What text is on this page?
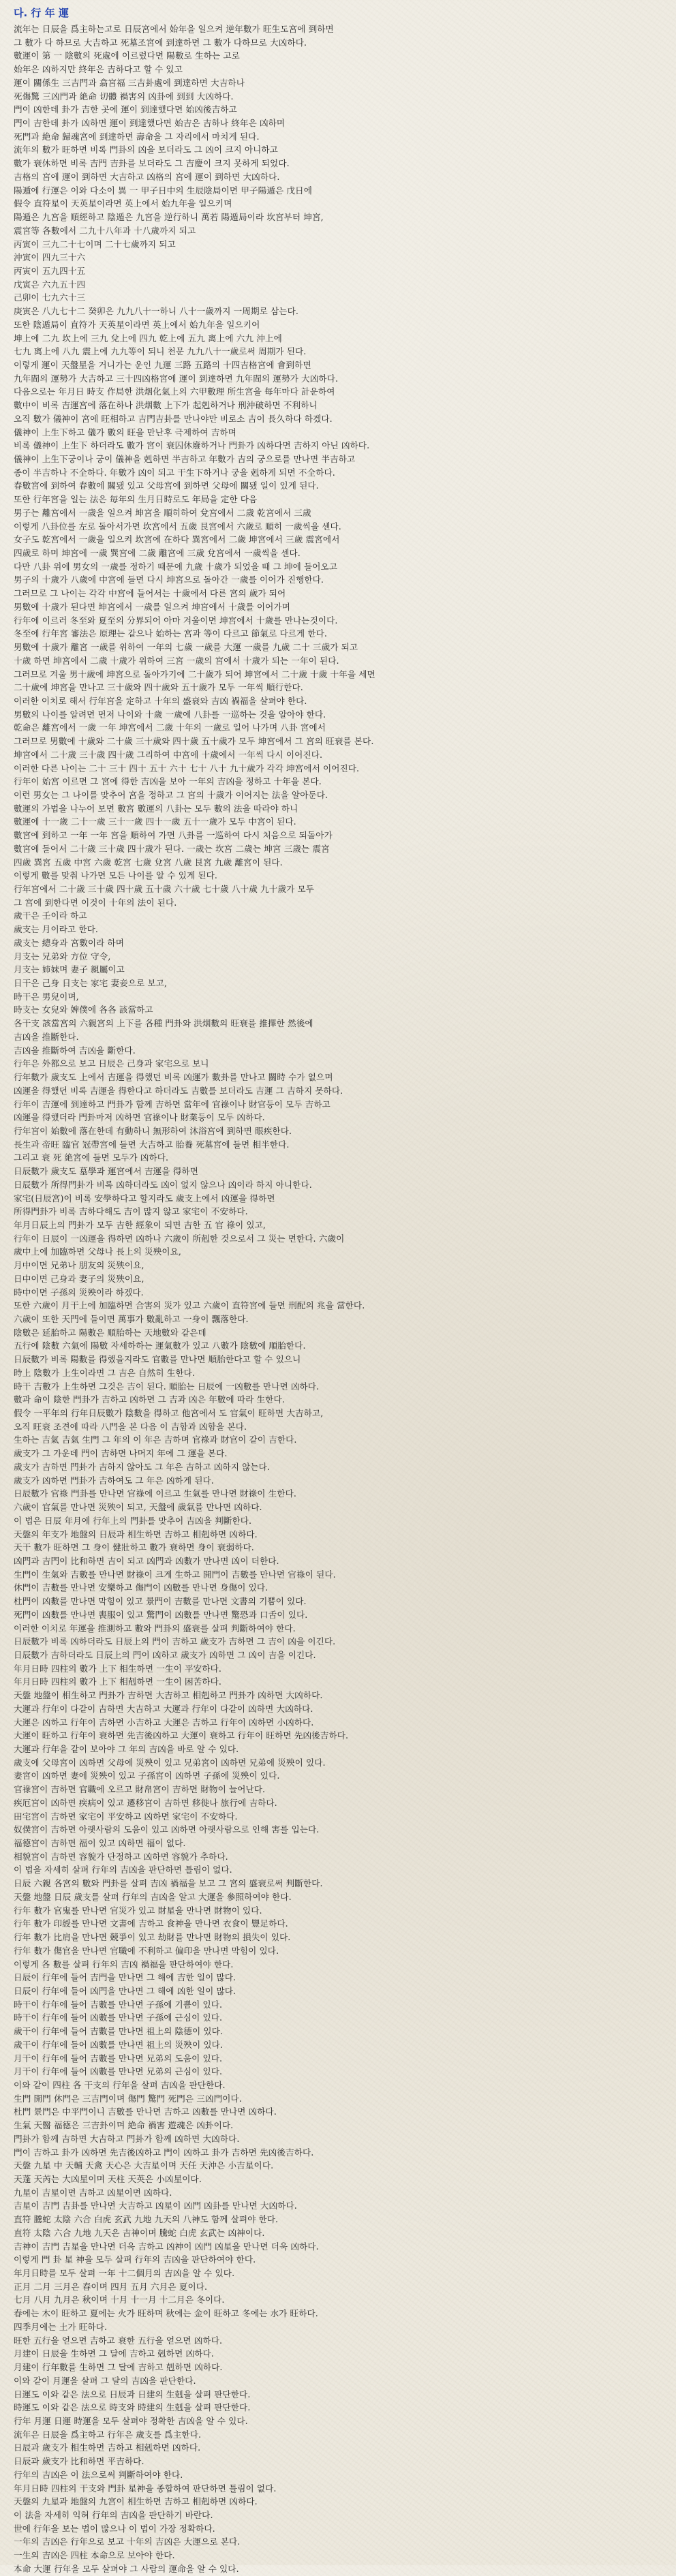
다. 行 年 運
流年는 日辰을 爲主하는고로 日辰宮에서 始年을 일으켜 逆年數가 旺生도宮에 到하면
그 數가 다 하므로 大吉하고 死墓조宮에 到達하면 그 數가 다하므로 大凶하다.
數運이 第 一 陰數의 死處에 이르렀다면 陽數로 生하는 고로
始年은 凶하지만 終年은 吉하다고 할 수 있고
運이 關係生 三吉門과 翕宮福 三吉卦處에 到達하면 大吉하나
死傷驚 三凶門과 絶命 切體 禍害의 凶卦에 到到 大凶하다.
門이 凶한데 卦가 吉한 곳에 運이 到達했다면 始凶後吉하고
門이 吉한데 卦가 凶하면 運이 到達했다면 始吉은 吉하나 終年은 凶하며
死門과 絶命 歸魂宮에 到達하면 壽命을 그 자리에서 마치게 된다.
流年의 數가 旺하면 비록 門卦의 凶을 보더라도 그 凶이 크지 아니하고
數가 衰休하면 비록 吉門 吉卦를 보더라도 그 吉慶이 크지 못하게 되었다.
吉格의 宮에 運이 到하면 大吉하고 凶格의 宮에 運이 到하면 大凶하다.
陽遁에 行運은 이와 다소이 異 一 甲子日中의 生辰陰局이면 甲子陽遁은 戊日에
假令 直符星이 天英星이라면 英上에서 始九年을 일으키며
陽遁은 九宮을 順經하고 陰遁은 九宮을 逆行하니 萬若 陽遁局이라 坎宮부터 坤宮,
震宮等 各數에서 二九十八年과 十八歲까지 되고
丙寅이 三九二十七이며 二十七歲까지 되고
沖寅이 四九三十六
丙寅이 五九四十五
戊寅은 六九五十四
己卯이 七九六十三
庚寅은 八九七十二 癸卯은 九九八十一하니 八十一歲까지 一周期로 삼는다.
또한 陰遁局이 直符가 天英星이라면 英上에서 始九年을 일으키어
坤上에 二九 坎上에 三九 兌上에 四九 乾上에 五九 离上에 六九 沖上에
七九 离上에 八九 震上에 九九等이 되니 천문 九九八十一歲로써 周期가 된다.
이렇게 運이 天盤星을 거니가는 운인 九運 三路 五路의 十四吉格宮에 會到하면
九年間의 運勢가 大吉하고 三十四凶格宮에 運이 到達하면 九年間의 運勢가 大凶하다.
다음으로는 年月日 時支 作局한 洪烟化氣上의 六甲數理 所生宮을 每年마다 計운하여
數中이 비록 吉運宮에 落在하나 洪烟數 上下가 起剋하거나 刑沖破하면 不利하니
오직 數가 儀神이 宮에 旺相하고 吉門吉卦를 만나야만 비로소 吉이 長久하다 하겠다.
儀神이 上生下하고 儀가 數의 旺을 만난후 극제하여 吉하며
비록 儀神이 上生下 하더라도 數가 宮이 衰囚休廢하거나 門卦가 凶하다면 吉하지 아닌 凶하다.
儀神이 上生下궁이나 궁이 儀神을 剋하면 半吉하고 年數가 吉의 궁으로를 만나면 半吉하고
종이 半吉하나 不全하다. 年數가 凶이 되고 干生下하거나 궁을 剋하게 되면 不全하다.
春數宮에 到하여 春數에 關됐 있고 父母宮에 到하면 父母에 關됐 일이 있게 된다.
또한 行年宮을 일는 法은 毎年의 生月日時로도 年局을 定한 다음
男子는 離宮에서 一歲을 일으켜 坤宮을 順히하여 兌宮에서 二歲 乾宮에서 三歲
이렇게 八卦位를 左로 돌아서가면 坎宮에서 五歲 艮宮에서 六歲로 順히 一歲씩을 센다.
女子도 乾宮에서 一歲을 일으켜 坎宮에 在하다 巽宮에서 二歲 坤宮에서 三歲 震宮에서
四歲로 하며 坤宮에 一歲 巽宮에 二歲 離宮에 三歲 兌宮에서 一歲씩을 센다.
다만 八卦 위에 男女의 一歲를 정하기 때문에 九歲 十歲가 되었을 때 그 坤에 들어오고
男子의 十歲가 八歲에 中宮에 들면 다시 坤宮으로 돌아간 一歲를 이어가 진행한다.
그러므로 그 나이는 각각 中宮에 들어서는 十歲에서 다른 宮의 歲가 되어
男數에 十歲가 된다면 坤宮에서 一歲를 일으켜 坤宮에서 十歲를 이어가며
行年에 이르러 冬至와 夏至의 分界되어 아마 겨울이면 坤宮에서 十歲를 만나는것이다.
冬至에 行年宮 審法은 原理는 같으나 始하는 宮과 等이 다르고 節氣로 다르게 한다.
男數에 十歲가 離宮 一歲를 위하여 一年의 七歲 一歲를 大運 一歲를 九歲 二十 三歲가 되고
十歲 하면 坤宮에서 二歲 十歲가 위하여 三宮 一歲의 宮에서 十歲가 되는 一年이 된다.
그러므로 겨울 男十歲에 坤宮으로 돌아가기에 二十歲가 되어 坤宮에서 二十歲 十歲 十年을 세면
二十歲에 坤宮을 만나고 三十歲와 四十歲와 五十歲가 모두 一年씩 順行한다.
이러한 이치로 해서 行年宮을 定하고 十年의 盛衰와 吉凶 禍福을 살펴야 한다.
男數의 나이를 알려면 먼저 나이와 十歲 一歲에 八卦를 一巡하는 것을 알아야 한다.
乾命은 離宮에서 一歲 一年 坤宮에서 二歲 十年의 一歲로 일어 나가며 八卦 宮에서
그러므로 男數에 十歲와 二十歲 三十歲와 四十歲 五十歲가 모두 坤宮에서 그 宮의 旺衰를 본다.
坤宮에서 二十歲 三十歲 四十歲 그리하여 中宮에 十歲에서 一年씩 다시 이어진다.
이러한 다른 나이는 二十 三十 四十 五十 六十 七十 八十 九十歲가 각각 坤宮에서 이어진다.
行年이 始宮 이르면 그 宮에 得한 吉凶을 보아 一年의 吉凶을 정하고 十年을 본다.
이런 男女는 그 나이를 맞추어 宮을 정하고 그 宮의 十歲가 이어지는 法을 알아둔다.
數運의 가법을 나누어 보면 數宮 數運의 八卦는 모두 數의 法을 따라야 하니
數運에 十一歲 二十一歲 三十一歲 四十一歲 五十一歲가 모두 中宮이 된다.
數宮에 到하고 一年 一年 宮을 順하여 가면 八卦를 一巡하여 다시 처음으로 되돌아가
數宮에 들어서 二十歲 三十歲 四十歲가 된다. 一歲는 坎宮 二歲는 坤宮 三歲는 震宮
四歲 巽宮 五歲 中宮 六歲 乾宮 七歲 兌宮 八歲 艮宮 九歲 離宮이 된다.
이렇게 數를 맞춰 나가면 모든 나이를 알 수 있게 된다.
行年宮에서 二十歲 三十歲 四十歲 五十歲 六十歲 七十歲 八十歲 九十歲가 모두
그 宮에 到한다면 이것이 十年의 法이 된다.
歲干은 壬이라 하고
歲支는 月이라고 한다.
歲支는 總身과 宮數이라 하며
月支는 兄弟와 方位 守令,
月支는 姉妹며 妻子 親屬이고
日干은 己身 日支는 家宅 妻妾으로 보고,
時干은 男兒이며,
時支는 女兒와 婢僕에 各各 該當하고
各干支 該當宮의 六親宮의 上下를 各種 門卦와 洪烟數의 旺衰를 推擇한 然後에
吉凶을 推斷한다.
吉凶을 推斷하여 吉凶을 斷한다.
行年은 外都으로 보고 日辰은 己身과 家宅으로 보니
行年數가 歲支도 上에서 吉運을 得했던 비록 凶運가 數卦를 만나고 關時 수가 없으며
凶運을 得했던 비록 吉運을 得한다고 하더라도 吉數를 보더라도 吉運 그 吉하지 못하다.
行年이 吉運에 到達하고 門卦가 함께 吉하면 當年에 官祿이나 財官등이 모두 吉하고
凶運을 得했더라 門卦마저 凶하면 官祿이나 財業등이 모두 凶하다.
行年宮이 始數에 落在한데 有動하니 無形하여 沐浴宮에 到하면 眼疾한다.
長生과 帝旺 臨官 冠帶宮에 들면 大吉하고 胎養 死墓宮에 들면 相半한다.
그리고 衰 死 絶宮에 들면 모두가 凶하다.
日辰數가 歲支도 墓學과 運宮에서 吉運을 得하면
日辰數가 所得門卦가 비록 凶하더라도 凶이 없지 않으나 凶이라 하지 아니한다.
家宅(日辰宮)이 비록 安學하다고 할지라도 歲支上에서 凶運을 得하면
所得門卦가 비록 吉하다해도 吉이 많지 않고 家宅이 不安하다.
年月日辰上의 門卦가 모두 吉한 經象이 되면 吉한 五 官 祿이 있고,
行年이 日辰이 一凶運을 得하면 凶하나 六歲이 所剋한 것으로서 그 災는 면한다. 六歲이
歲中上에 加臨하면 父母나 長上의 災殃이요,
月中이면 兄弟나 朋友의 災殃이요,
日中이면 己身과 妻子의 災殃이요,
時中이면 子孫의 災殃이라 하겠다.
또한 六歲이 月干上에 加臨하면 合害의 災가 있고 六歲이 直符宮에 들면 刑配의 兆을 當한다.
六歲이 또한 天門에 들이면 萬事가 數亂하고 一身이 飄落한다.
陰數은 延胎하고 陽數은 順胎하는 天地數와 같은데
五行에 陰數 六氣에 陽數 자세하하는 運氣數가 있고 八數가 陰數에 順胎한다.
日辰數가 비록 陽數를 得했을지라도 官數를 만나면 順胎한다고 할 수 있으니
時上 陰數가 上生이라면 그 吉은 自然히 生한다.
時干 吉數가 上生하면 그것은 吉이 된다. 順胎는 日辰에 一凶數를 만나면 凶하다.
數과 命이 陰한 門卦가 吉하고 凶하면 그 吉과 凶은 年數에 따라 生한다.
假令 一平年의 行年日辰數가 陰數을 得하고 他宮에서 도 官氣이 旺하면 大吉하고,
오직 旺衰 조견에 따라 八門을 본 다음 이 吉함과 凶함을 본다.
生하는 吉氣 吉氣 生門 그 年의 이 年은 吉하며 官祿과 財官이 같이 吉한다.
歲支가 그 가운데 門이 吉하면 나머지 年에 그 運을 본다.
歲支가 吉하면 門卦가 吉하지 않아도 그 年은 吉하고 凶하지 않는다.
歲支가 凶하면 門卦가 吉하여도 그 年은 凶하게 된다.
日辰數가 官祿 門卦를 만나면 官祿에 이르고 生氣를 만나면 財祿이 生한다.
六歲이 官氣를 만나면 災殃이 되고, 天盤에 歲氣를 만나면 凶하다.
이 법은 日辰 年月에 行年上의 門卦를 맞추어 吉凶을 判斷한다.
天盤의 年支가 地盤의 日辰과 相生하면 吉하고 相剋하면 凶하다.
天干 數가 旺하면 그 身이 健壯하고 數가 衰하면 身이 衰弱하다.
凶門과 吉門이 比和하면 吉이 되고 凶門과 凶數가 만나면 凶이 더한다.
生門이 生氣와 吉數를 만나면 財祿이 크게 生하고 開門이 吉數를 만나면 官祿이 된다.
休門이 吉數를 만나면 安樂하고 傷門이 凶數를 만나면 身傷이 있다.
杜門이 凶數를 만나면 막힘이 있고 景門이 吉數를 만나면 文書의 기쁨이 있다.
死門이 凶數를 만나면 喪服이 있고 驚門이 凶數를 만나면 驚恐과 口舌이 있다.
이러한 이치로 年運을 推測하고 數와 門卦의 盛衰를 살펴 判斷하여야 한다.
日辰數가 비록 凶하더라도 日辰上의 門이 吉하고 歲支가 吉하면 그 吉이 凶을 이긴다.
日辰數가 吉하더라도 日辰上의 門이 凶하고 歲支가 凶하면 그 凶이 吉을 이긴다.
年月日時 四柱의 數가 上下 相生하면 一生이 平安하다.
年月日時 四柱의 數가 上下 相剋하면 一生이 困苦하다.
天盤 地盤이 相生하고 門卦가 吉하면 大吉하고 相剋하고 門卦가 凶하면 大凶하다.
大運과 行年이 다같이 吉하면 大吉하고 大運과 行年이 다같이 凶하면 大凶하다.
大運은 凶하고 行年이 吉하면 小吉하고 大運은 吉하고 行年이 凶하면 小凶하다.
大運이 旺하고 行年이 衰하면 先吉後凶하고 大運이 衰하고 行年이 旺하면 先凶後吉하다.
大運과 行年을 같이 보아야 그 年의 吉凶을 바로 알 수 있다.
歲支에 父母宮이 凶하면 父母에 災殃이 있고 兄弟宮이 凶하면 兄弟에 災殃이 있다.
妻宮이 凶하면 妻에 災殃이 있고 子孫宮이 凶하면 子孫에 災殃이 있다.
官祿宮이 吉하면 官職에 오르고 財帛宮이 吉하면 財物이 늘어난다.
疾厄宮이 凶하면 疾病이 있고 遷移宮이 吉하면 移徙나 旅行에 吉하다.
田宅宮이 吉하면 家宅이 平安하고 凶하면 家宅이 不安하다.
奴僕宮이 吉하면 아랫사람의 도움이 있고 凶하면 아랫사람으로 인해 害를 입는다.
福德宮이 吉하면 福이 있고 凶하면 福이 없다.
相貌宮이 吉하면 容貌가 단정하고 凶하면 容貌가 추하다.
이 법을 자세히 살펴 行年의 吉凶을 판단하면 틀림이 없다.
日辰 六親 各宮의 數와 門卦를 살펴 吉凶 禍福을 보고 그 宮의 盛衰로써 判斷한다.
天盤 地盤 日辰 歲支를 살펴 行年의 吉凶을 알고 大運을 參照하여야 한다.
行年 數가 官鬼를 만나면 官災가 있고 財星을 만나면 財物이 있다.
行年 數가 印綬를 만나면 文書에 吉하고 食神을 만나면 衣食이 豐足하다.
行年 數가 比肩을 만나면 競爭이 있고 劫財를 만나면 財物의 損失이 있다.
行年 數가 傷官을 만나면 官職에 不利하고 偏印을 만나면 막힘이 있다.
이렇게 各 數를 살펴 行年의 吉凶 禍福을 판단하여야 한다.
日辰이 行年에 들어 吉門을 만나면 그 해에 吉한 일이 많다.
日辰이 行年에 들어 凶門을 만나면 그 해에 凶한 일이 많다.
時干이 行年에 들어 吉數를 만나면 子孫에 기쁨이 있다.
時干이 行年에 들어 凶數를 만나면 子孫에 근심이 있다.
歲干이 行年에 들어 吉數를 만나면 祖上의 陰德이 있다.
歲干이 行年에 들어 凶數를 만나면 祖上의 災殃이 있다.
月干이 行年에 들어 吉數를 만나면 兄弟의 도움이 있다.
月干이 行年에 들어 凶數를 만나면 兄弟의 근심이 있다.
이와 같이 四柱 各 干支의 行年을 살펴 吉凶을 판단한다.
生門 開門 休門은 三吉門이며 傷門 驚門 死門은 三凶門이다.
杜門 景門은 中平門이니 吉數를 만나면 吉하고 凶數를 만나면 凶하다.
生氣 天醫 福德은 三吉卦이며 絶命 禍害 遊魂은 凶卦이다.
門卦가 함께 吉하면 大吉하고 門卦가 함께 凶하면 大凶하다.
門이 吉하고 卦가 凶하면 先吉後凶하고 門이 凶하고 卦가 吉하면 先凶後吉하다.
天盤 九星 中 天輔 天禽 天心은 大吉星이며 天任 天沖은 小吉星이다.
天蓬 天芮는 大凶星이며 天柱 天英은 小凶星이다.
九星이 吉星이면 吉하고 凶星이면 凶하다.
吉星이 吉門 吉卦를 만나면 大吉하고 凶星이 凶門 凶卦를 만나면 大凶하다.
直符 騰蛇 太陰 六合 白虎 玄武 九地 九天의 八神도 함께 살펴야 한다.
直符 太陰 六合 九地 九天은 吉神이며 騰蛇 白虎 玄武는 凶神이다.
吉神이 吉門 吉星을 만나면 더욱 吉하고 凶神이 凶門 凶星을 만나면 더욱 凶하다.
이렇게 門 卦 星 神을 모두 살펴 行年의 吉凶을 판단하여야 한다.
年月日時를 모두 살펴 一年 十二個月의 吉凶을 알 수 있다.
正月 二月 三月은 春이며 四月 五月 六月은 夏이다.
七月 八月 九月은 秋이며 十月 十一月 十二月은 冬이다.
春에는 木이 旺하고 夏에는 火가 旺하며 秋에는 金이 旺하고 冬에는 水가 旺하다.
四季月에는 土가 旺하다.
旺한 五行을 얻으면 吉하고 衰한 五行을 얻으면 凶하다.
月建이 日辰을 生하면 그 달에 吉하고 剋하면 凶하다.
月建이 行年數를 生하면 그 달에 吉하고 剋하면 凶하다.
이와 같이 月運을 살펴 그 달의 吉凶을 판단한다.
日運도 이와 같은 法으로 日辰과 日建의 生剋을 살펴 판단한다.
時運도 이와 같은 法으로 時支와 時建의 生剋을 살펴 판단한다.
行年 月運 日運 時運을 모두 살펴야 정확한 吉凶을 알 수 있다.
流年은 日辰을 爲主하고 行年은 歲支를 爲主한다.
日辰과 歲支가 相生하면 吉하고 相剋하면 凶하다.
日辰과 歲支가 比和하면 平吉하다.
行年의 吉凶은 이 法으로써 判斷하여야 한다.
年月日時 四柱의 干支와 門卦 星神을 종합하여 판단하면 틀림이 없다.
天盤의 九星과 地盤의 九宮이 相生하면 吉하고 相剋하면 凶하다.
이 法을 자세히 익혀 行年의 吉凶을 판단하기 바란다.
世에 行年을 보는 법이 많으나 이 법이 가장 정확하다.
一年의 吉凶은 行年으로 보고 十年의 吉凶은 大運으로 본다.
一生의 吉凶은 四柱 本命으로 보아야 한다.
本命 大運 行年을 모두 살펴야 그 사람의 運命을 알 수 있다.
